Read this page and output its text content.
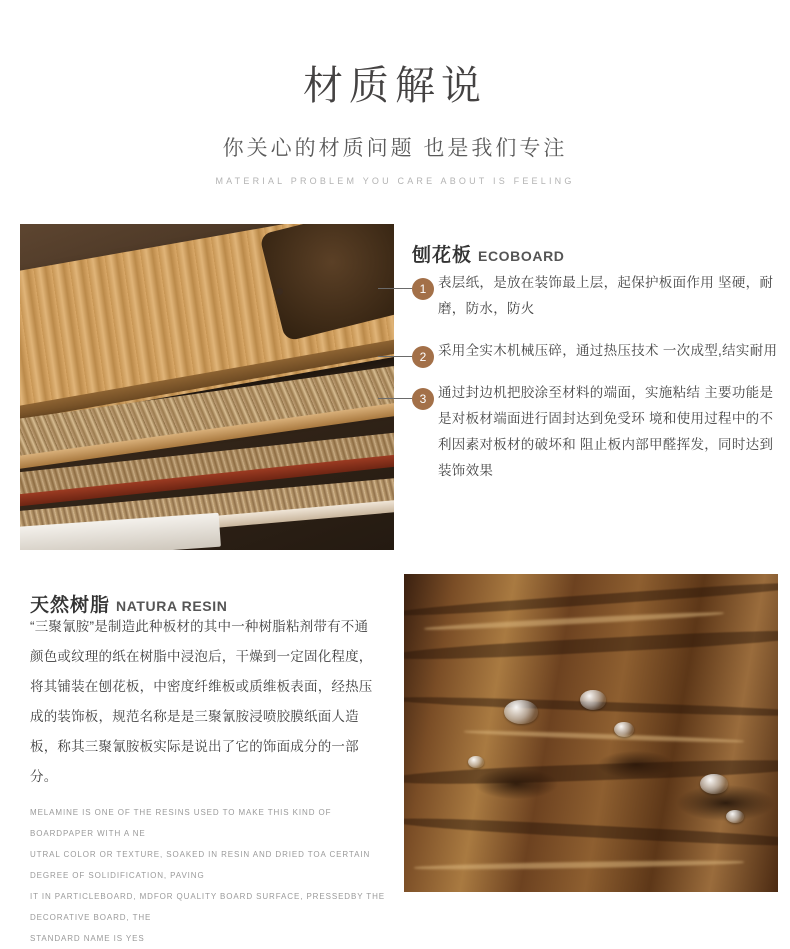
材质解说
你关心的材质问题 也是我们专注
MATERIAL PROBLEM YOU CARE ABOUT IS FEELING
刨花板 ECOBOARD
1 表层纸，是放在装饰最上层，起保护板面作用 坚硬，耐磨，防水，防火
2 采用全实木机械压碎，通过热压技术 一次成型,结实耐用
3 通过封边机把胶涂至材料的端面，实施粘结 主要功能是是对板材端面进行固封达到免受环 境和使用过程中的不利因素对板材的破坏和 阻止板内部甲醛挥发，同时达到装饰效果
天然树脂 NATURA RESIN
“三聚氰胺”是制造此种板材的其中一种树脂粘剂带有不通颜色或纹理的纸在树脂中浸泡后，干燥到一定固化程度，将其铺装在刨花板，中密度纤维板或质维板表面，经热压成的装饰板，规范名称是是三聚氰胺浸喷胶膜纸面人造板，称其三聚氰胺板实际是说出了它的饰面成分的一部分。
MELAMINE IS ONE OF THE RESINS USED TO MAKE THIS KIND OF BOARDPAPER WITH A NE
UTRAL COLOR OR TEXTURE, SOAKED IN RESIN AND DRIED TOA CERTAIN DEGREE OF SOLIDIFICATION, PAVING
IT IN PARTICLEBOARD, MDFOR QUALITY BOARD SURFACE, PRESSEDBY THE DECORATIVE BOARD, THE
STANDARD NAME IS YES
